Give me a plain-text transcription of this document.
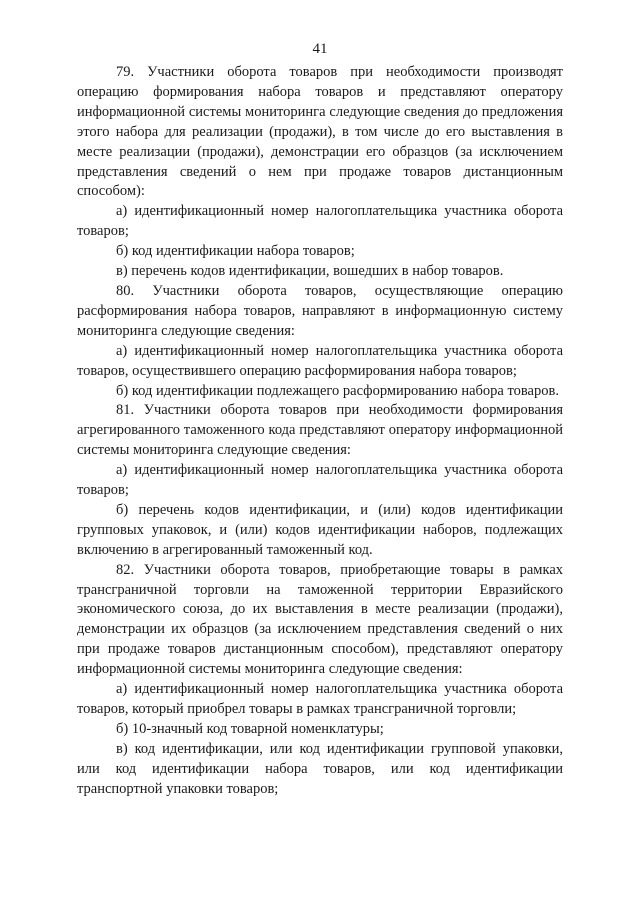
41

79. Участники оборота товаров при необходимости производят операцию формирования набора товаров и представляют оператору информационной системы мониторинга следующие сведения до предложения этого набора для реализации (продажи), в том числе до его выставления в месте реализации (продажи), демонстрации его образцов (за исключением представления сведений о нем при продаже товаров дистанционным способом):

а) идентификационный номер налогоплательщика участника оборота товаров;

б) код идентификации набора товаров;

в) перечень кодов идентификации, вошедших в набор товаров.

80. Участники оборота товаров, осуществляющие операцию расформирования набора товаров, направляют в информационную систему мониторинга следующие сведения:

а) идентификационный номер налогоплательщика участника оборота товаров, осуществившего операцию расформирования набора товаров;

б) код идентификации подлежащего расформированию набора товаров.

81. Участники оборота товаров при необходимости формирования агрегированного таможенного кода представляют оператору информационной системы мониторинга следующие сведения:

а) идентификационный номер налогоплательщика участника оборота товаров;

б) перечень кодов идентификации, и (или) кодов идентификации групповых упаковок, и (или) кодов идентификации наборов, подлежащих включению в агрегированный таможенный код.

82. Участники оборота товаров, приобретающие товары в рамках трансграничной торговли на таможенной территории Евразийского экономического союза, до их выставления в месте реализации (продажи), демонстрации их образцов (за исключением представления сведений о них при продаже товаров дистанционным способом), представляют оператору информационной системы мониторинга следующие сведения:

а) идентификационный номер налогоплательщика участника оборота товаров, который приобрел товары в рамках трансграничной торговли;

б) 10-значный код товарной номенклатуры;

в) код идентификации, или код идентификации групповой упаковки, или код идентификации набора товаров, или код идентификации транспортной упаковки товаров;
